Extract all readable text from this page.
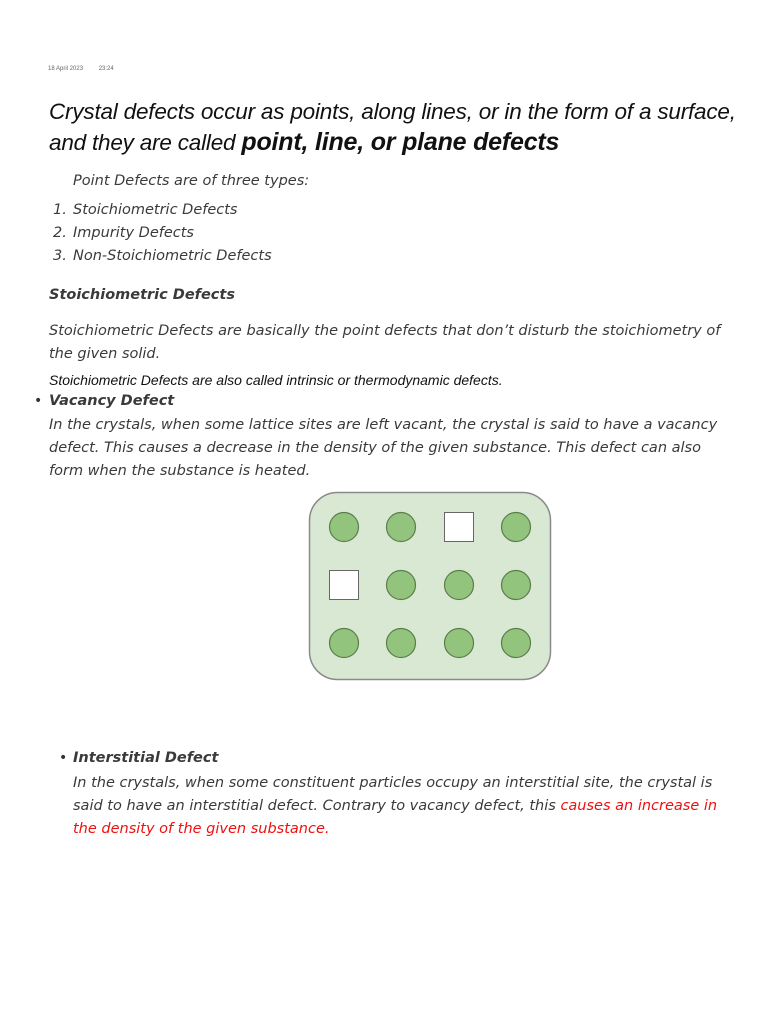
18 April 2023	23:24
Crystal defects occur as points, along lines, or in the form of a surface,
and they are called point, line, or plane defects
Point Defects are of three types:
1. Stoichiometric Defects
2. Impurity Defects
3. Non-Stoichiometric Defects
Stoichiometric Defects
Stoichiometric Defects are basically the point defects that don’t disturb the stoichiometry of the given solid.
Stoichiometric Defects are also called intrinsic or thermodynamic defects.
• Vacancy Defect
In the crystals, when some lattice sites are left vacant, the crystal is said to have a vacancy defect. This causes a decrease in the density of the given substance. This defect can also form when the substance is heated.
• Interstitial Defect
In the crystals, when some constituent particles occupy an interstitial site, the crystal is said to have an interstitial defect. Contrary to vacancy defect, this causes an increase in the density of the given substance.
